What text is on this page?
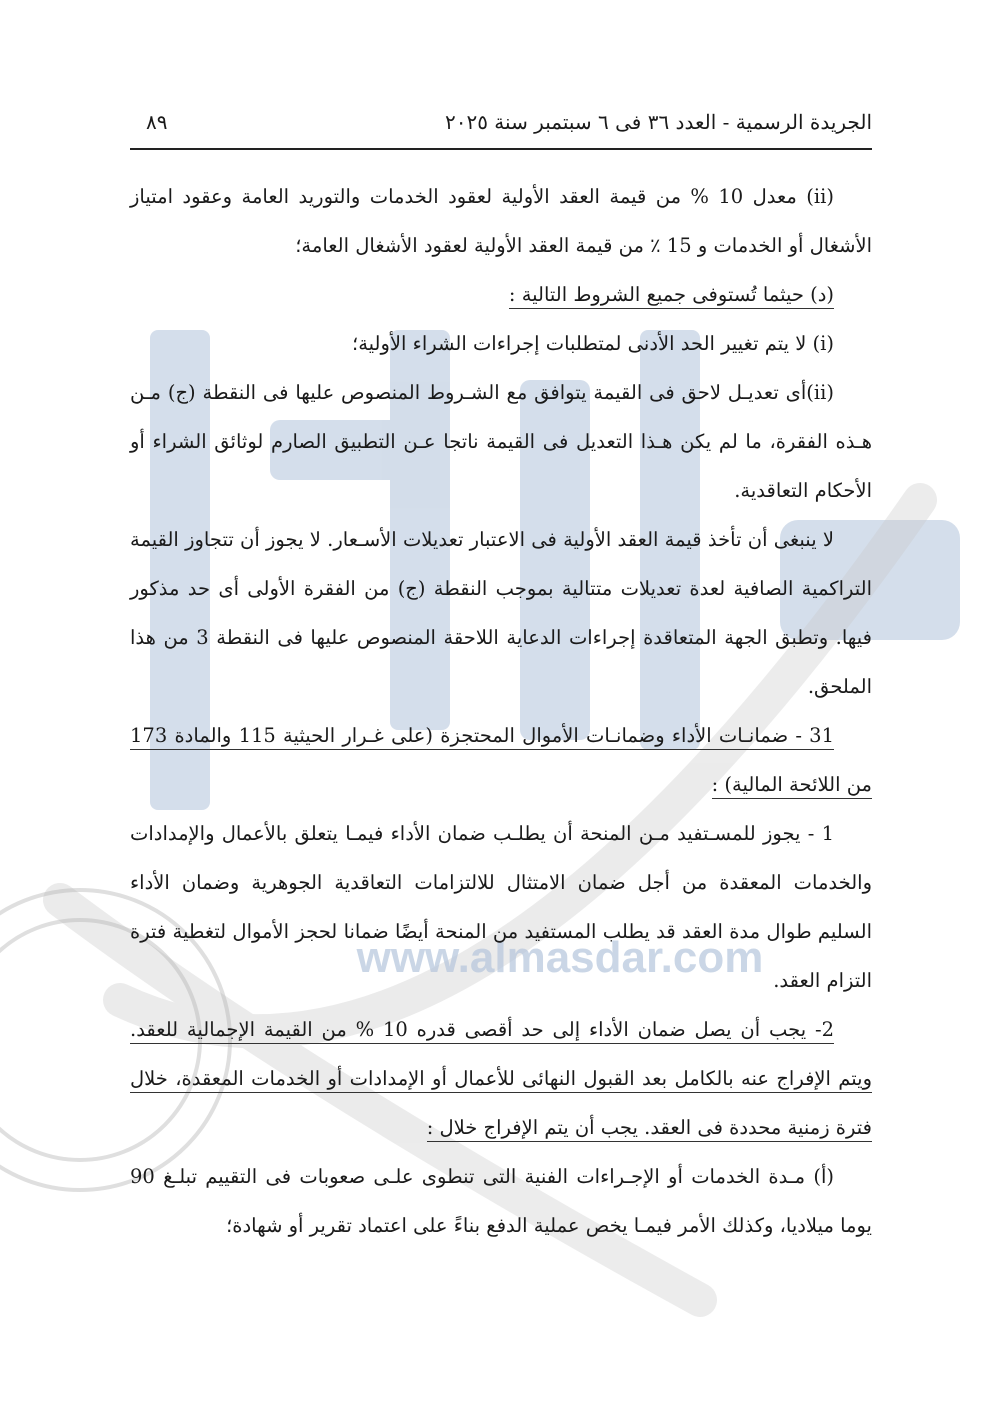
www.almasdar.com
الجريدة الرسمية - العدد ٣٦ فى ٦ سبتمبر سنة ٢٠٢٥
٨٩

(ii) معدل 10 % من قيمة العقد الأولية لعقود الخدمات والتوريد العامة وعقود امتياز الأشغال أو الخدمات و 15 ٪ من قيمة العقد الأولية لعقود الأشغال العامة؛

(د) حيثما تُستوفى جميع الشروط التالية :

(i) لا يتم تغيير الحد الأدنى لمتطلبات إجراءات الشراء الأولية؛

(ii)أى تعديـل لاحق فى القيمة يتوافق مع الشـروط المنصوص عليها فى النقطة (ج) مـن هـذه الفقرة، ما لم يكن هـذا التعديل فى القيمة ناتجا عـن التطبيق الصارم لوثائق الشراء أو الأحكام التعاقدية.

لا ينبغى أن تأخذ قيمة العقد الأولية فى الاعتبار تعديلات الأسـعار. لا يجوز أن تتجاوز القيمة التراكمية الصافية لعدة تعديلات متتالية بموجب النقطة (ج) من الفقرة الأولى أى حد مذكور فيها. وتطبق الجهة المتعاقدة إجراءات الدعاية اللاحقة المنصوص عليها فى النقطة 3 من هذا الملحق.

31 - ضمانـات الأداء وضمانـات الأموال المحتجزة (على غـرار الحيثية 115 والمادة 173 من اللائحة المالية) :

1 - يجوز للمسـتفيد مـن المنحة أن يطلـب ضمان الأداء فيمـا يتعلق بالأعمال والإمدادات والخدمات المعقدة من أجل ضمان الامتثال للالتزامات التعاقدية الجوهرية وضمان الأداء السليم طوال مدة العقد قد يطلب المستفيد من المنحة أيضًا ضمانا لحجز الأموال لتغطية فترة التزام العقد.

2- يجب أن يصل ضمان الأداء إلى حد أقصى قدره 10 % من القيمة الإجمالية للعقد. ويتم الإفراج عنه بالكامل بعد القبول النهائى للأعمال أو الإمدادات أو الخدمات المعقدة، خلال فترة زمنية محددة فى العقد. يجب أن يتم الإفراج خلال :

(أ) مـدة الخدمات أو الإجـراءات الفنية التى تنطوى علـى صعوبات فى التقييم تبلـغ 90 يوما ميلاديا، وكذلك الأمر فيمـا يخص عملية الدفع بناءً على اعتماد تقرير أو شهادة؛
